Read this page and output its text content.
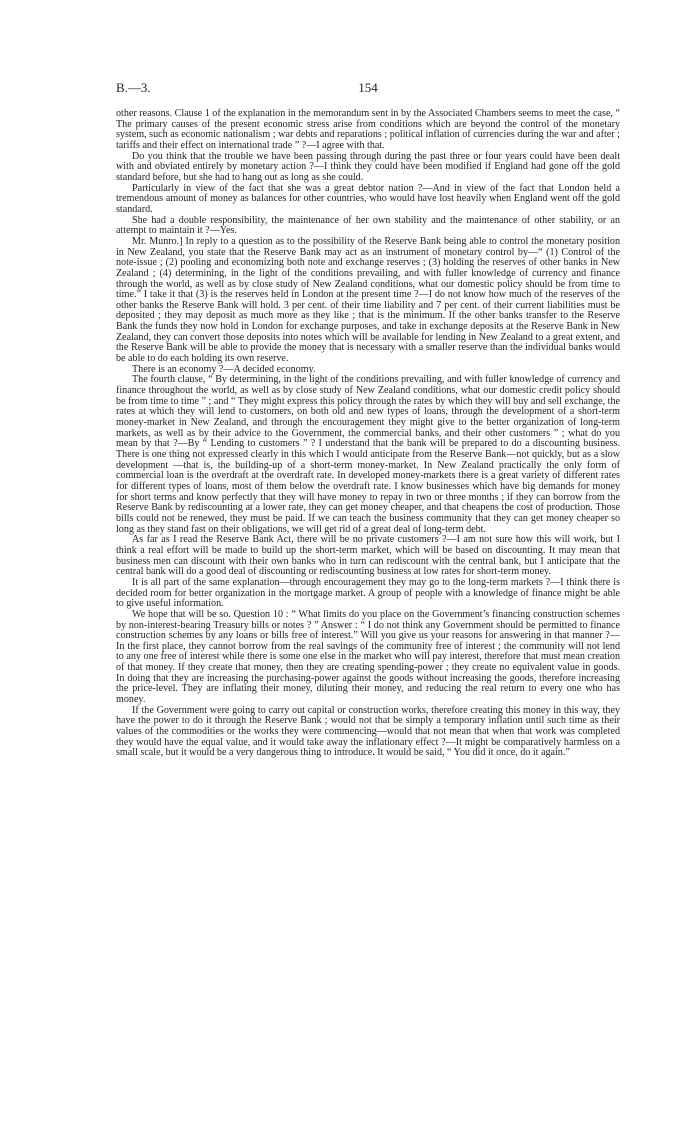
B.—3.	154

other reasons. Clause 1 of the explanation in the memorandum sent in by the Associated Chambers seems to meet the case, “ The primary causes of the present economic stress arise from conditions which are beyond the control of the monetary system, such as economic nationalism ; war debts and reparations ; political inflation of currencies during the war and after ; tariffs and their effect on international trade ” ?—I agree with that.

Do you think that the trouble we have been passing through during the past three or four years could have been dealt with and obviated entirely by monetary action ?—I think they could have been modified if England had gone off the gold standard before, but she had to hang out as long as she could.

Particularly in view of the fact that she was a great debtor nation ?—And in view of the fact that London held a tremendous amount of money as balances for other countries, who would have lost heavily when England went off the gold standard.

She had a double responsibility, the maintenance of her own stability and the maintenance of other stability, or an attempt to maintain it ?—Yes.

Mr. Munro.] In reply to a question as to the possibility of the Reserve Bank being able to control the monetary position in New Zealand, you state that the Reserve Bank may act as an instrument of monetary control by—“ (1) Control of the note-issue ; (2) pooling and economizing both note and exchange reserves ; (3) holding the reserves of other banks in New Zealand ; (4) determining, in the light of the conditions prevailing, and with fuller knowledge of currency and finance through the world, as well as by close study of New Zealand conditions, what our domestic policy should be from time to time.” I take it that (3) is the reserves held in London at the present time ?—I do not know how much of the reserves of the other banks the Reserve Bank will hold. 3 per cent. of their time liability and 7 per cent. of their current liabilities must be deposited ; they may deposit as much more as they like ; that is the minimum. If the other banks transfer to the Reserve Bank the funds they now hold in London for exchange purposes, and take in exchange deposits at the Reserve Bank in New Zealand, they can convert those deposits into notes which will be available for lending in New Zealand to a great extent, and the Reserve Bank will be able to provide the money that is necessary with a smaller reserve than the individual banks would be able to do each holding its own reserve.

There is an economy ?—A decided economy.

The fourth clause, “ By determining, in the light of the conditions prevailing, and with fuller knowledge of currency and finance throughout the world, as well as by close study of New Zealand conditions, what our domestic credit policy should be from time to time ” ; and “ They might express this policy through the rates by which they will buy and sell exchange, the rates at which they will lend to customers, on both old and new types of loans, through the development of a short-term money-market in New Zealand, and through the encouragement they might give to the better organization of long-term markets, as well as by their advice to the Government, the commercial banks, and their other customers ” ; what do you mean by that ?—By “ Lending to customers ” ? I understand that the bank will be prepared to do a discounting business. There is one thing not expressed clearly in this which I would anticipate from the Reserve Bank—not quickly, but as a slow development —that is, the building-up of a short-term money-market. In New Zealand practically the only form of commercial loan is the overdraft at the overdraft rate. In developed money-markets there is a great variety of different rates for different types of loans, most of them below the overdraft rate. I know businesses which have big demands for money for short terms and know perfectly that they will have money to repay in two or three months ; if they can borrow from the Reserve Bank by rediscounting at a lower rate, they can get money cheaper, and that cheapens the cost of production. Those bills could not be renewed, they must be paid. If we can teach the business community that they can get money cheaper so long as they stand fast on their obligations, we will get rid of a great deal of long-term debt.

As far as I read the Reserve Bank Act, there will be no private customers ?—I am not sure how this will work, but I think a real effort will be made to build up the short-term market, which will be based on discounting. It may mean that business men can discount with their own banks who in turn can rediscount with the central bank, but I anticipate that the central bank will do a good deal of discounting or rediscounting business at low rates for short-term money.

It is all part of the same explanation—through encouragement they may go to the long-term markets ?—I think there is decided room for better organization in the mortgage market. A group of people with a knowledge of finance might be able to give useful information.

We hope that will be so. Question 10 : “ What limits do you place on the Government’s financing construction schemes by non-interest-bearing Treasury bills or notes ? ” Answer : “ I do not think any Government should be permitted to finance construction schemes by any loans or bills free of interest.” Will you give us your reasons for answering in that manner ?—In the first place, they cannot borrow from the real savings of the community free of interest ; the community will not lend to any one free of interest while there is some one else in the market who will pay interest, therefore that must mean creation of that money. If they create that money, then they are creating spending-power ; they create no equivalent value in goods. In doing that they are increasing the purchasing-power against the goods without increasing the goods, therefore increasing the price-level. They are inflating their money, diluting their money, and reducing the real return to every one who has money.

If the Government were going to carry out capital or construction works, therefore creating this money in this way, they have the power to do it through the Reserve Bank ; would not that be simply a temporary inflation until such time as their values of the commodities or the works they were commencing—would that not mean that when that work was completed they would have the equal value, and it would take away the inflationary effect ?—It might be comparatively harmless on a small scale, but it would be a very dangerous thing to introduce. It would be said, “ You did it once, do it again.”
